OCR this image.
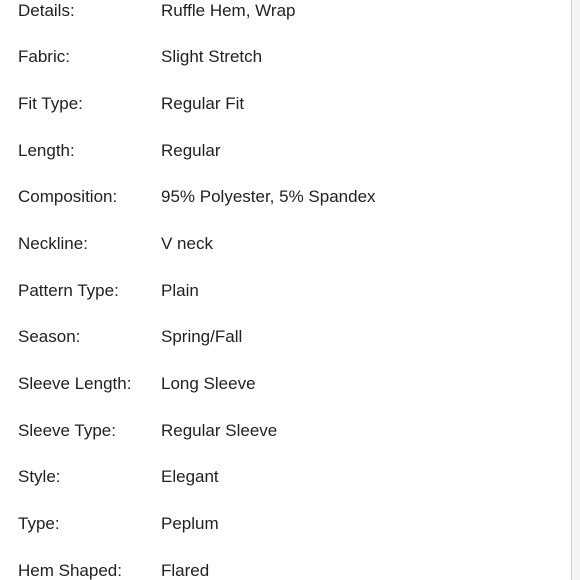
Details:	Ruffle Hem, Wrap
Fabric:	Slight Stretch
Fit Type:	Regular Fit
Length:	Regular
Composition:	95% Polyester, 5% Spandex
Neckline:	V neck
Pattern Type: Plain
Season:	Spring/Fall
Sleeve Length: Long Sleeve
Sleeve Type:	Regular Sleeve
Style:	Elegant
Type:	Peplum
Hem Shaped: Flared
